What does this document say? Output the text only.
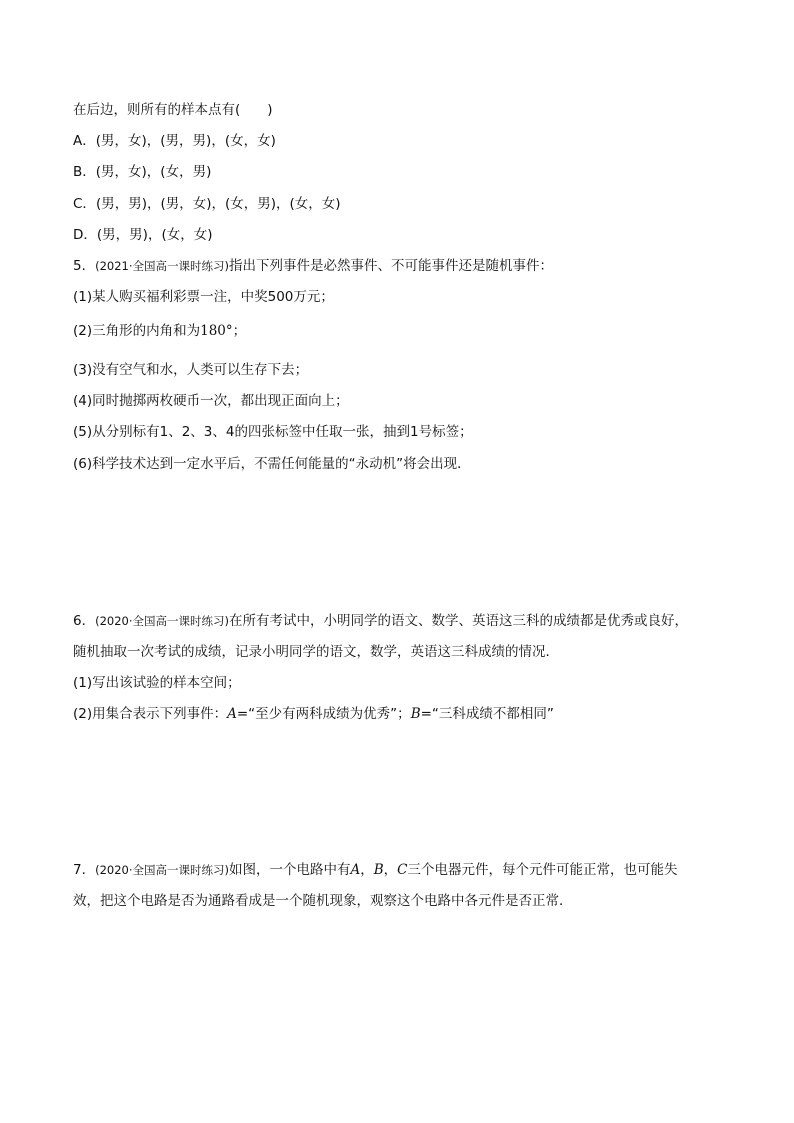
在后边，则所有的样本点有(　　)
A．(男，女)，(男，男)，(女，女)
B．(男，女)，(女，男)
C．(男，男)，(男，女)，(女，男)，(女，女)
D．(男，男)，(女，女)
5．(2021·全国高一课时练习)指出下列事件是必然事件、不可能事件还是随机事件：
(1)某人购买福利彩票一注，中奖500万元；
(2)三角形的内角和为180°；
(3)没有空气和水，人类可以生存下去；
(4)同时抛掷两枚硬币一次，都出现正面向上；
(5)从分别标有1、2、3、4的四张标签中任取一张，抽到1号标签；
(6)科学技术达到一定水平后，不需任何能量的“永动机”将会出现．
6．(2020·全国高一课时练习)在所有考试中，小明同学的语文、数学、英语这三科的成绩都是优秀或良好，
随机抽取一次考试的成绩，记录小明同学的语文，数学，英语这三科成绩的情况．
(1)写出该试验的样本空间；
(2)用集合表示下列事件：A=“至少有两科成绩为优秀”；B=“三科成绩不都相同”
7．(2020·全国高一课时练习)如图，一个电路中有A，B，C三个电器元件，每个元件可能正常，也可能失
效，把这个电路是否为通路看成是一个随机现象，观察这个电路中各元件是否正常．
